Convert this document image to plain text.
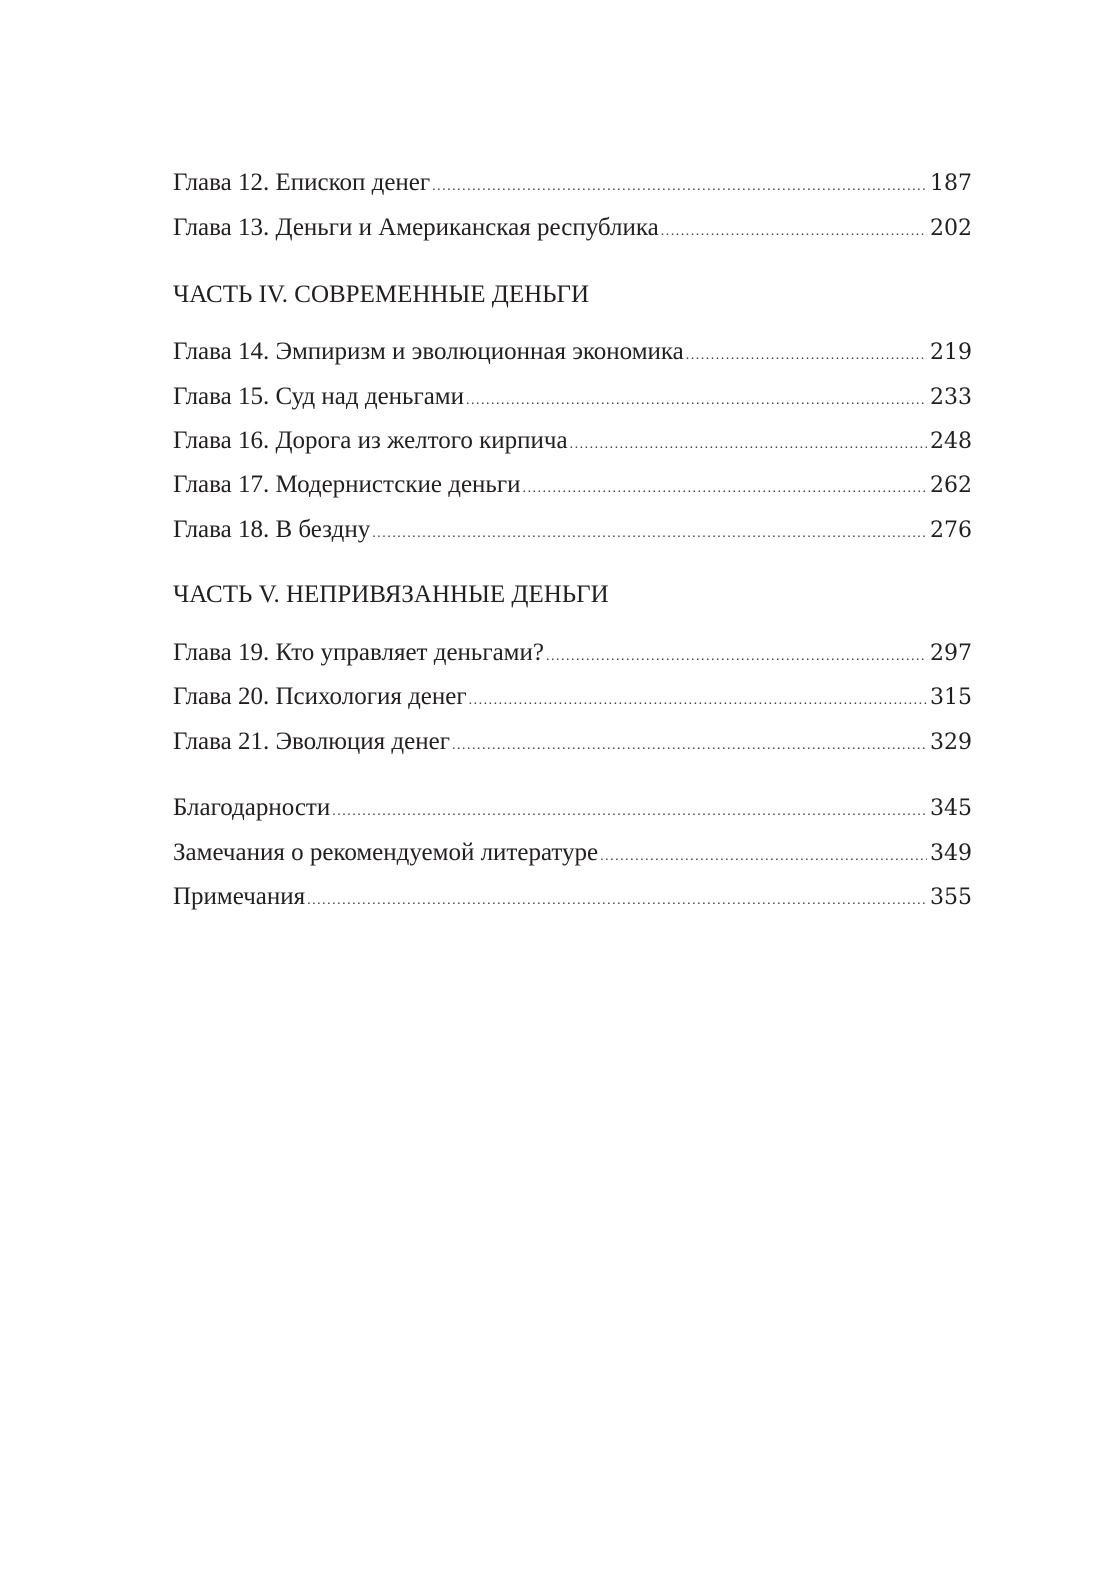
Глава 12. Епископ денег .....	187
Глава 13. Деньги и Американская республика .....	202
ЧАСТЬ IV. СОВРЕМЕННЫЕ ДЕНЬГИ
Глава 14. Эмпиризм и эволюционная экономика .....	219
Глава 15. Суд над деньгами .....	233
Глава 16. Дорога из желтого кирпича .....	248
Глава 17. Модернистские деньги .....	262
Глава 18. В бездну .....	276
ЧАСТЬ V. НЕПРИВЯЗАННЫЕ ДЕНЬГИ
Глава 19. Кто управляет деньгами? .....	297
Глава 20. Психология денег .....	315
Глава 21. Эволюция денег .....	329
Благодарности .....	345
Замечания о рекомендуемой литературе .....	349
Примечания .....	355
